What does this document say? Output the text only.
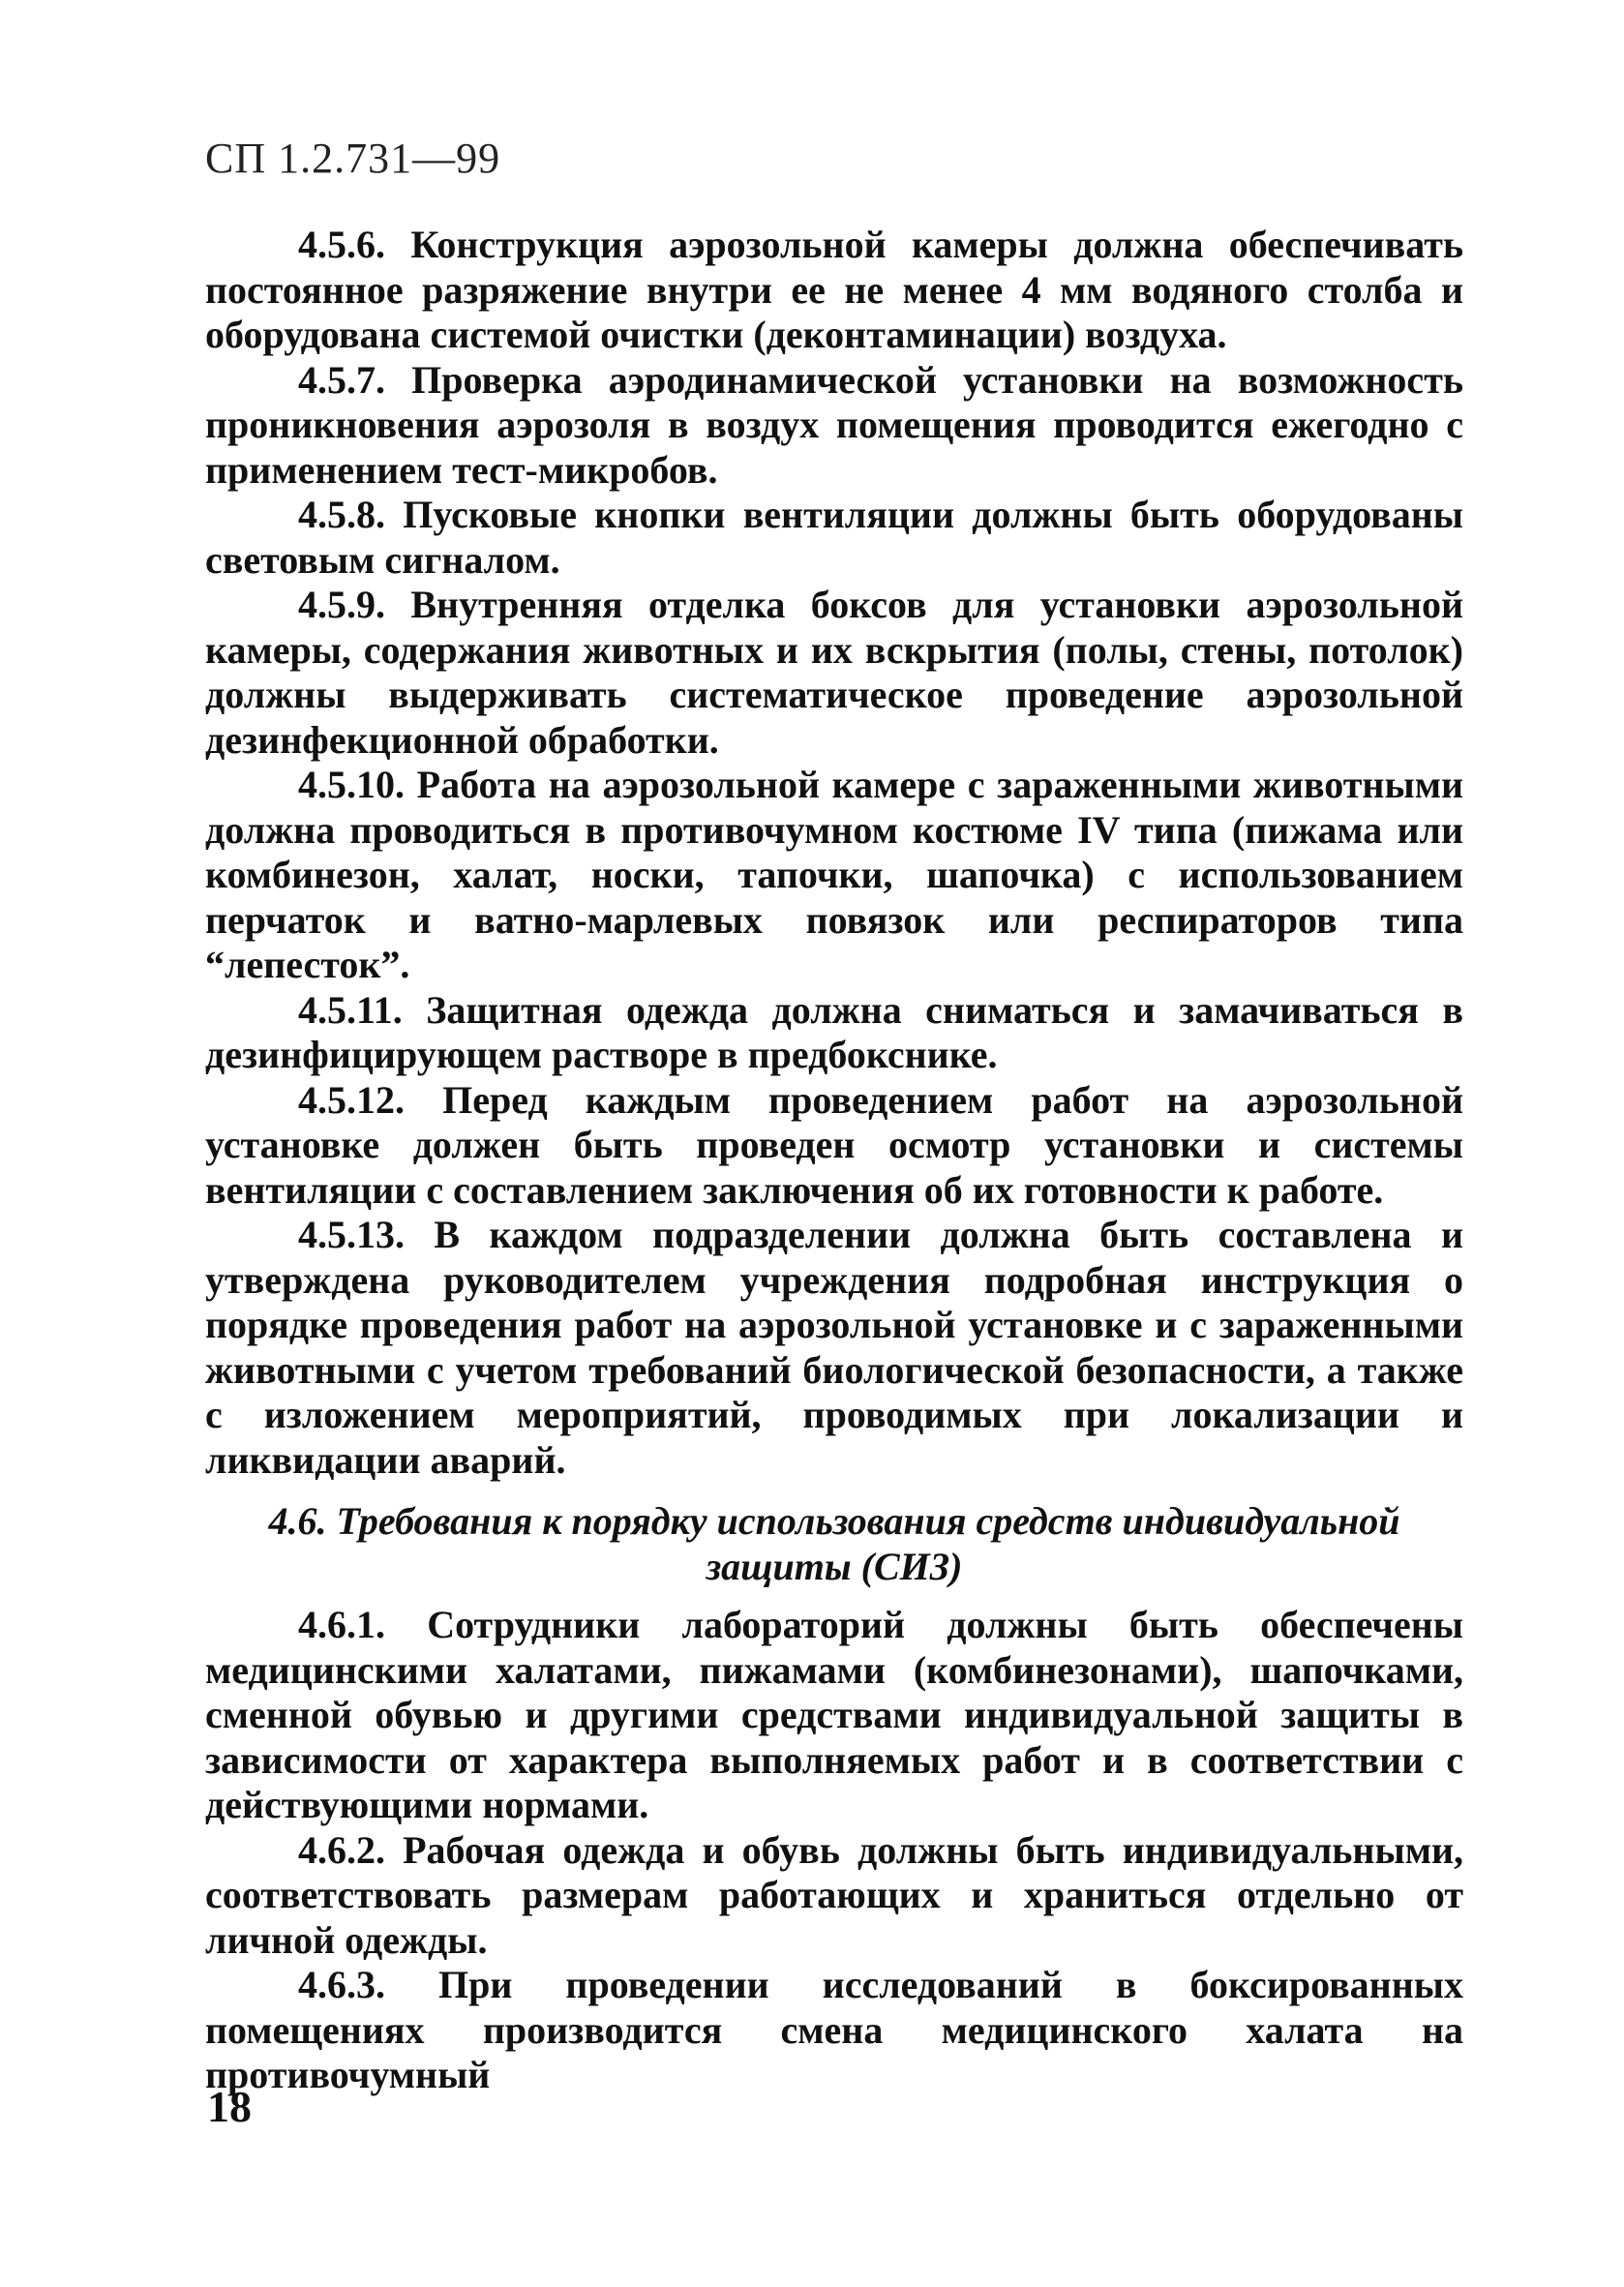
СП 1.2.731—99

4.5.6. Конструкция аэрозольной камеры должна обеспечивать постоянное разряжение внутри ее не менее 4 мм водяного столба и оборудована системой очистки (деконтаминации) воздуха.

4.5.7. Проверка аэродинамической установки на возможность проникновения аэрозоля в воздух помещения проводится ежегодно с применением тест-микробов.

4.5.8. Пусковые кнопки вентиляции должны быть оборудованы световым сигналом.

4.5.9. Внутренняя отделка боксов для установки аэрозольной камеры, содержания животных и их вскрытия (полы, стены, потолок) должны выдерживать систематическое проведение аэрозольной дезинфекционной обработки.

4.5.10. Работа на аэрозольной камере с зараженными животными должна проводиться в противочумном костюме IV типа (пижама или комбинезон, халат, носки, тапочки, шапочка) с использованием перчаток и ватно-марлевых повязок или респираторов типа “лепесток”.

4.5.11. Защитная одежда должна сниматься и замачиваться в дезинфицирующем растворе в предбокснике.

4.5.12. Перед каждым проведением работ на аэрозольной установке должен быть проведен осмотр установки и системы вентиляции с составлением заключения об их готовности к работе.

4.5.13. В каждом подразделении должна быть составлена и утверждена руководителем учреждения подробная инструкция о порядке проведения работ на аэрозольной установке и с зараженными животными с учетом требований биологической безопасности, а также с изложением мероприятий, проводимых при локализации и ликвидации аварий.

4.6. Требования к порядку использования средств индивидуальной защиты (СИЗ)

4.6.1. Сотрудники лабораторий должны быть обеспечены медицинскими халатами, пижамами (комбинезонами), шапочками, сменной обувью и другими средствами индивидуальной защиты в зависимости от характера выполняемых работ и в соответствии с действующими нормами.

4.6.2. Рабочая одежда и обувь должны быть индивидуальными, соответствовать размерам работающих и храниться отдельно от личной одежды.

4.6.3. При проведении исследований в боксированных помещениях производится смена медицинского халата на противочумный

18
